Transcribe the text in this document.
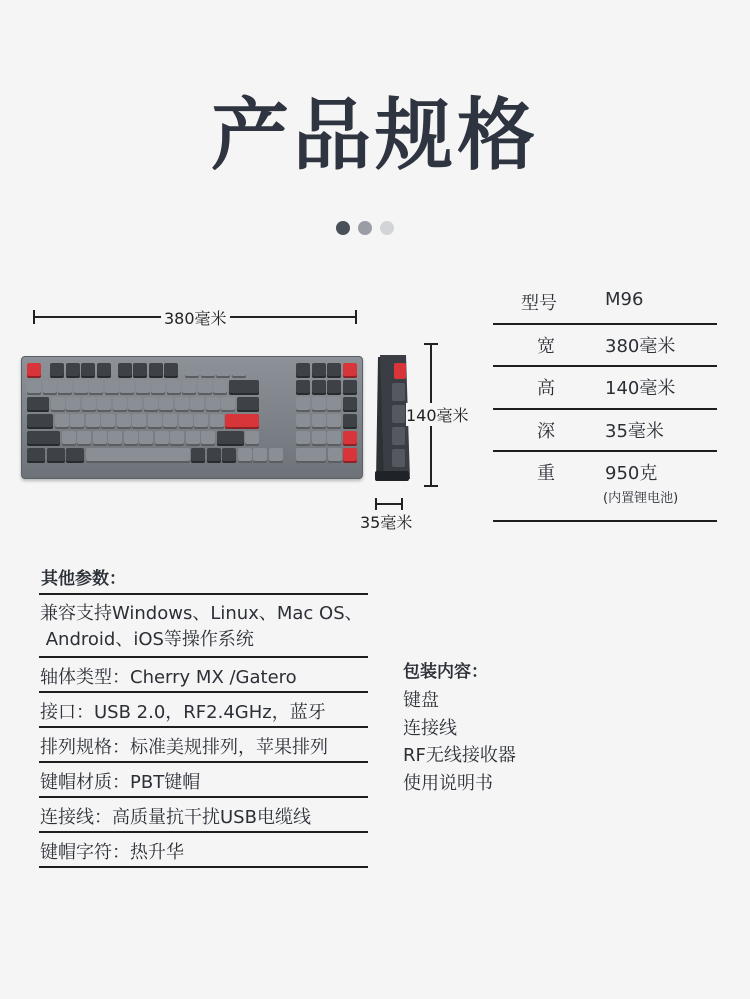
产品规格
380毫米
140毫米
35毫米
型号	M96
宽	380毫米
高	140毫米
深	35毫米
重	950克
(内置锂电池)
其他参数：
兼容支持Windows、Linux、Mac OS、
Android、iOS等操作系统
轴体类型：Cherry MX /Gatero
接口：USB 2.0，RF2.4GHz，蓝牙
排列规格：标准美规排列，苹果排列
键帽材质：PBT键帽
连接线：高质量抗干扰USB电缆线
键帽字符：热升华
包装内容：
键盘
连接线
RF无线接收器
使用说明书
